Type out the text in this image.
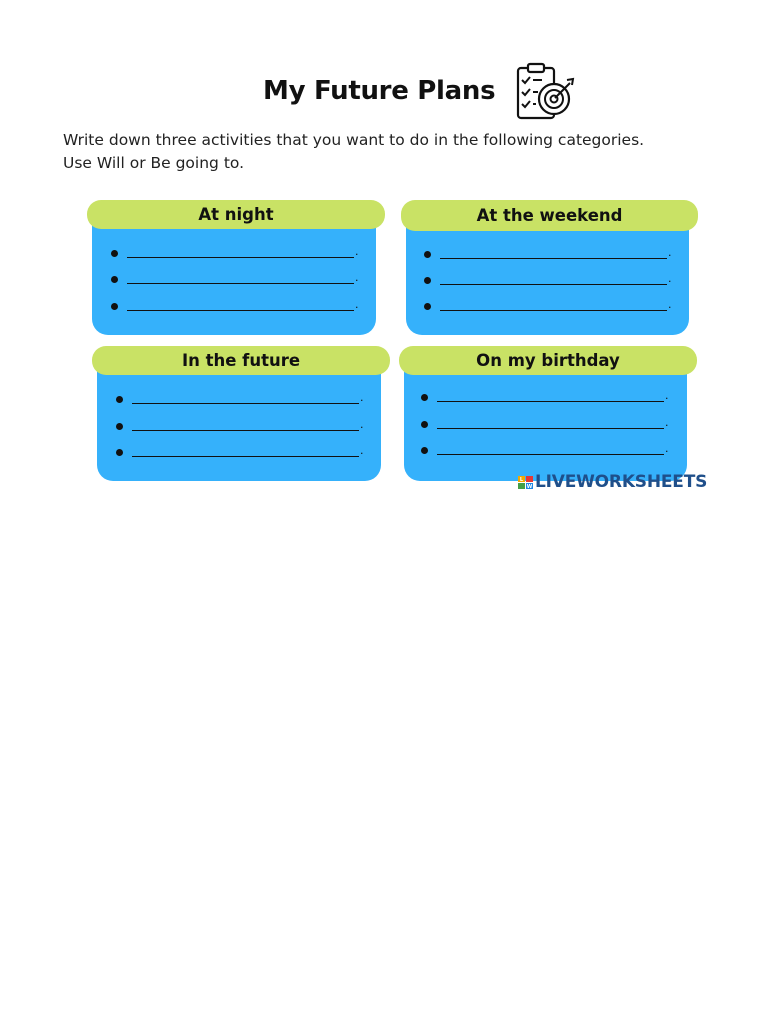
My Future Plans
Write down three activities that you want to do in the following categories.
Use Will or Be going to.
At night
.
.
.
At the weekend
.
.
.
In the future
.
.
.
On my birthday
.
.
.
L
W LIVEWORKSHEETS
